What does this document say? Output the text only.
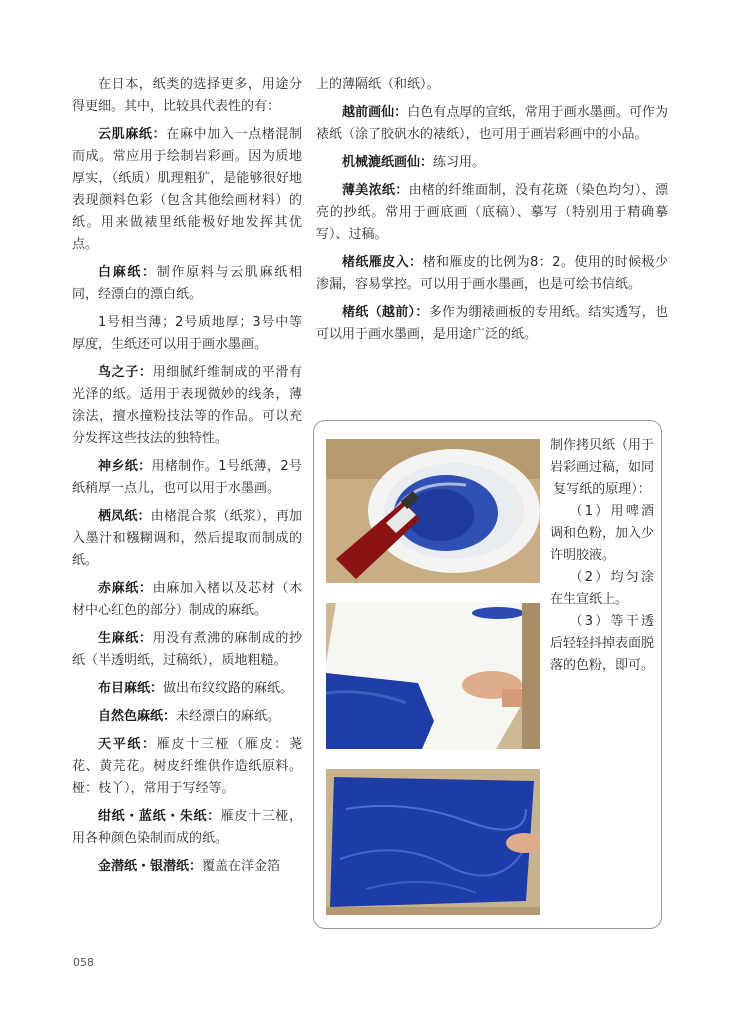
在日本，纸类的选择更多，用途分得更细。其中，比较具代表性的有：

云肌麻纸：在麻中加入一点楮混制而成。常应用于绘制岩彩画。因为质地厚实，（纸质）肌理粗犷，是能够很好地表现颜料色彩（包含其他绘画材料）的纸。用来做裱里纸能极好地发挥其优点。

白麻纸：制作原料与云肌麻纸相同，经漂白的漂白纸。

1号相当薄；2号质地厚；3号中等厚度，生纸还可以用于画水墨画。

鸟之子：用细腻纤维制成的平滑有光泽的纸。适用于表现微妙的线条，薄涂法，擅水撞粉技法等的作品。可以充分发挥这些技法的独特性。

神乡纸：用楮制作。1号纸薄，2号纸稍厚一点儿，也可以用于水墨画。

栖凤纸：由楮混合浆（纸浆），再加入墨汁和糨糊调和，然后提取而制成的纸。

赤麻纸：由麻加入楮以及芯材（木材中心红色的部分）制成的麻纸。

生麻纸：用没有煮沸的麻制成的抄纸（半透明纸，过稿纸），质地粗糙。

布目麻纸：做出布纹纹路的麻纸。

自然色麻纸：未经漂白的麻纸。

天平纸：雁皮十三桠（雁皮：荛花、黄芫花。树皮纤维供作造纸原料。桠：枝丫），常用于写经等。

绀纸・蓝纸・朱纸：雁皮十三桠，用各种颜色染制而成的纸。

金潜纸・银潜纸：覆盖在洋金箔

上的薄隔纸（和纸）。

越前画仙：白色有点厚的宣纸，常用于画水墨画。可作为裱纸（涂了胶矾水的裱纸），也可用于画岩彩画中的小品。

机械漉纸画仙：练习用。

薄美浓纸：由楮的纤维面制，没有花斑（染色均匀）、漂亮的抄纸。常用于画底画（底稿）、摹写（特别用于精确摹写）、过稿。

楮纸雁皮入：楮和雁皮的比例为8：2。使用的时候极少渗漏，容易掌控。可以用于画水墨画，也是可绘书信纸。

楮纸（越前）：多作为绷裱画板的专用纸。结实透写，也可以用于画水墨画，是用途广泛的纸。

制作拷贝纸（用于岩彩画过稿，如同复写纸的原理）：

（1）用啤酒调和色粉，加入少许明胶液。

（2）均匀涂在生宣纸上。

（3）等干透后轻轻抖掉表面脱落的色粉，即可。

058
